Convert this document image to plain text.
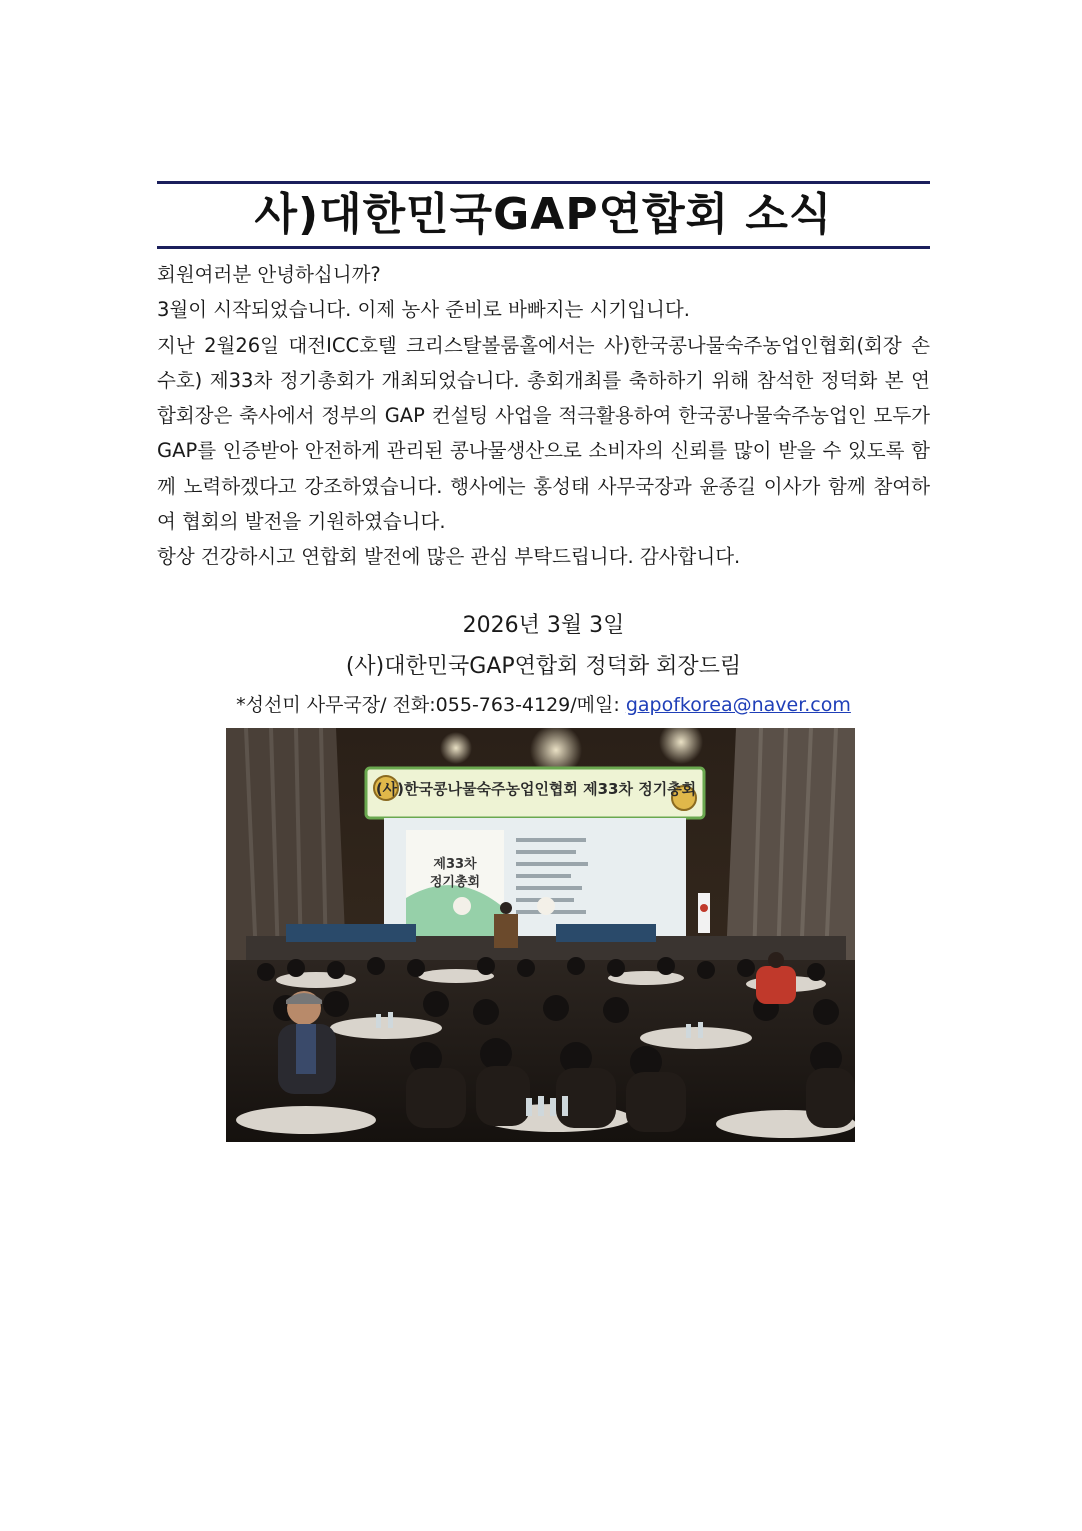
사)대한민국GAP연합회 소식

회원여러분 안녕하십니까?

3월이 시작되었습니다. 이제 농사 준비로 바빠지는 시기입니다.

지난 2월26일 대전ICC호텔 크리스탈볼룸홀에서는 사)한국콩나물숙주농업인협회(회장 손수호) 제33차 정기총회가 개최되었습니다. 총회개최를 축하하기 위해 참석한 정덕화 본 연합회장은 축사에서 정부의 GAP 컨설팅 사업을 적극활용하여 한국콩나물숙주농업인 모두가 GAP를 인증받아 안전하게 관리된 콩나물생산으로 소비자의 신뢰를 많이 받을 수 있도록 함께 노력하겠다고 강조하였습니다. 행사에는 홍성태 사무국장과 윤종길 이사가 함께 참여하여 협회의 발전을 기원하였습니다.

항상 건강하시고 연합회 발전에 많은 관심 부탁드립니다. 감사합니다.

2026년 3월 3일
(사)대한민국GAP연합회 정덕화 회장드림
*성선미 사무국장/ 전화:055-763-4129/메일: gapofkorea@naver.com
(사)한국콩나물숙주농업인협회 제33차 정기총회
제33차
정기총회
